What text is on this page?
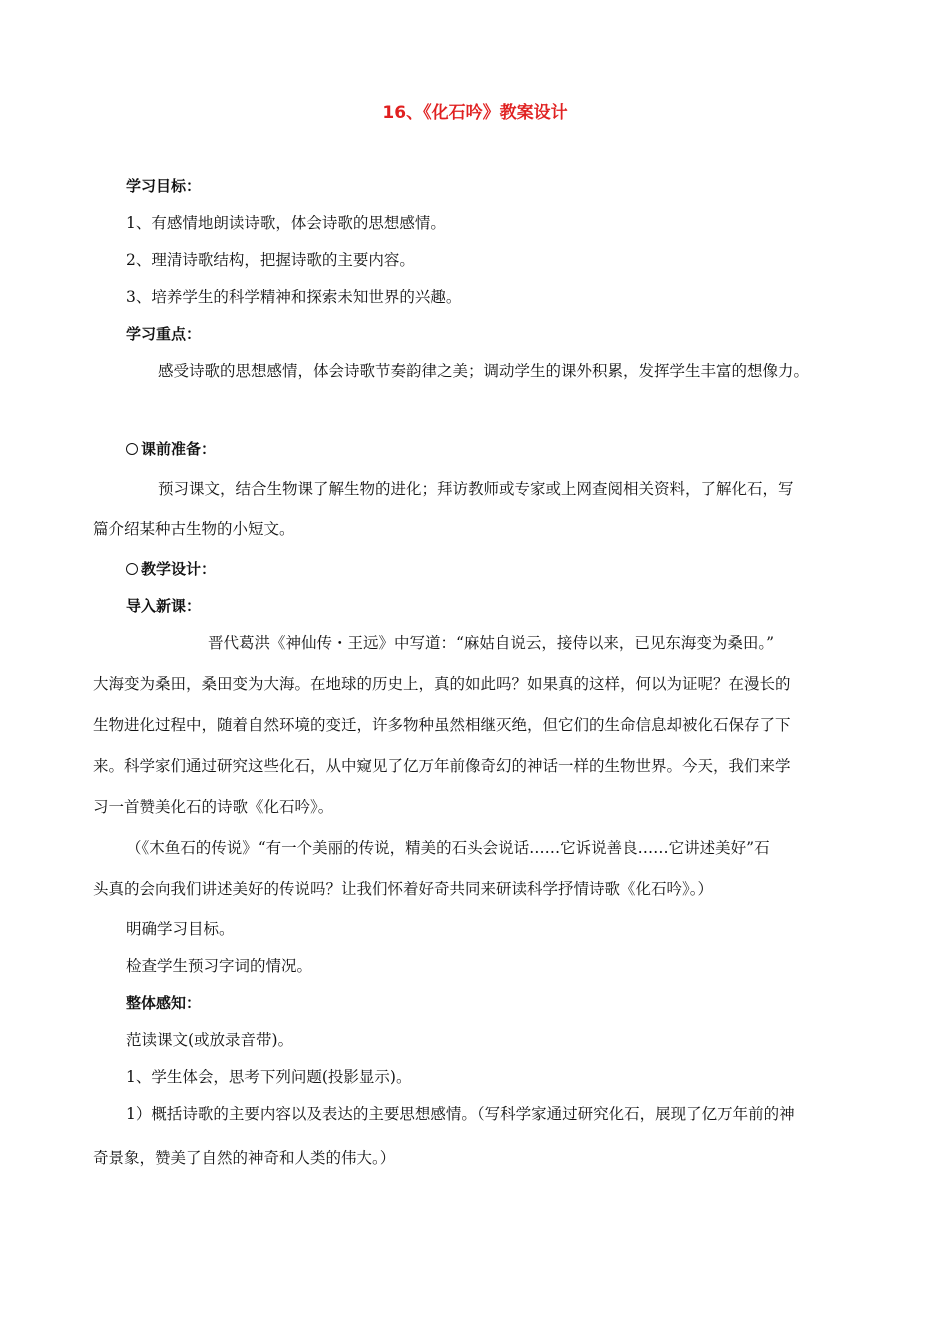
16、《化石吟》教案设计
学习目标：
1、有感情地朗读诗歌，体会诗歌的思想感情。
2、理清诗歌结构，把握诗歌的主要内容。
3、培养学生的科学精神和探索未知世界的兴趣。
学习重点：
感受诗歌的思想感情，体会诗歌节奏韵律之美；调动学生的课外积累，发挥学生丰富的想像力。
课前准备：
预习课文，结合生物课了解生物的进化；拜访教师或专家或上网查阅相关资料，了解化石，写
篇介绍某种古生物的小短文。
教学设计：
导入新课：
晋代葛洪《神仙传・王远》中写道：“麻姑自说云，接侍以来，已见东海变为桑田。”
大海变为桑田，桑田变为大海。在地球的历史上，真的如此吗？如果真的这样，何以为证呢？在漫长的
生物进化过程中，随着自然环境的变迁，许多物种虽然相继灭绝，但它们的生命信息却被化石保存了下
来。科学家们通过研究这些化石，从中窥见了亿万年前像奇幻的神话一样的生物世界。今天，我们来学
习一首赞美化石的诗歌《化石吟》。
（《木鱼石的传说》“有一个美丽的传说，精美的石头会说话……它诉说善良……它讲述美好”石
头真的会向我们讲述美好的传说吗？让我们怀着好奇共同来研读科学抒情诗歌《化石吟》。）
明确学习目标。
检查学生预习字词的情况。
整体感知：
范读课文(或放录音带)。
1、学生体会，思考下列问题(投影显示)。
1）概括诗歌的主要内容以及表达的主要思想感情。（写科学家通过研究化石，展现了亿万年前的神
奇景象，赞美了自然的神奇和人类的伟大。）
